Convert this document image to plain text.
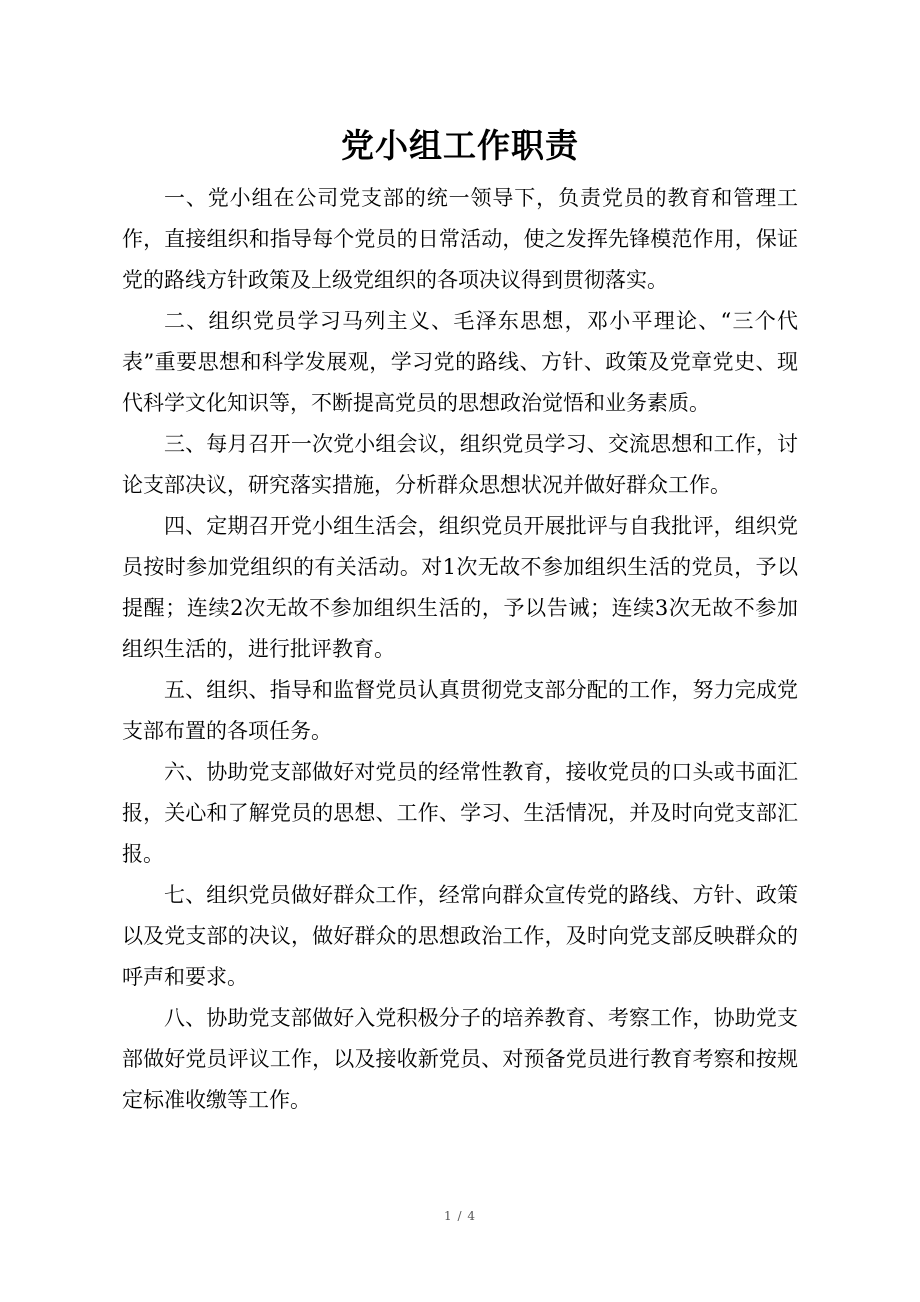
党小组工作职责

一、党小组在公司党支部的统一领导下，负责党员的教育和管理工作，直接组织和指导每个党员的日常活动，使之发挥先锋模范作用，保证党的路线方针政策及上级党组织的各项决议得到贯彻落实。

二、组织党员学习马列主义、毛泽东思想，邓小平理论、“三个代表”重要思想和科学发展观，学习党的路线、方针、政策及党章党史、现代科学文化知识等，不断提高党员的思想政治觉悟和业务素质。

三、每月召开一次党小组会议，组织党员学习、交流思想和工作，讨论支部决议，研究落实措施，分析群众思想状况并做好群众工作。

四、定期召开党小组生活会，组织党员开展批评与自我批评，组织党员按时参加党组织的有关活动。对1次无故不参加组织生活的党员，予以提醒；连续2次无故不参加组织生活的，予以告诫；连续3次无故不参加组织生活的，进行批评教育。

五、组织、指导和监督党员认真贯彻党支部分配的工作，努力完成党支部布置的各项任务。

六、协助党支部做好对党员的经常性教育，接收党员的口头或书面汇报，关心和了解党员的思想、工作、学习、生活情况，并及时向党支部汇报。

七、组织党员做好群众工作，经常向群众宣传党的路线、方针、政策以及党支部的决议，做好群众的思想政治工作，及时向党支部反映群众的呼声和要求。

八、协助党支部做好入党积极分子的培养教育、考察工作，协助党支部做好党员评议工作，以及接收新党员、对预备党员进行教育考察和按规定标准收缴等工作。

1 / 4
